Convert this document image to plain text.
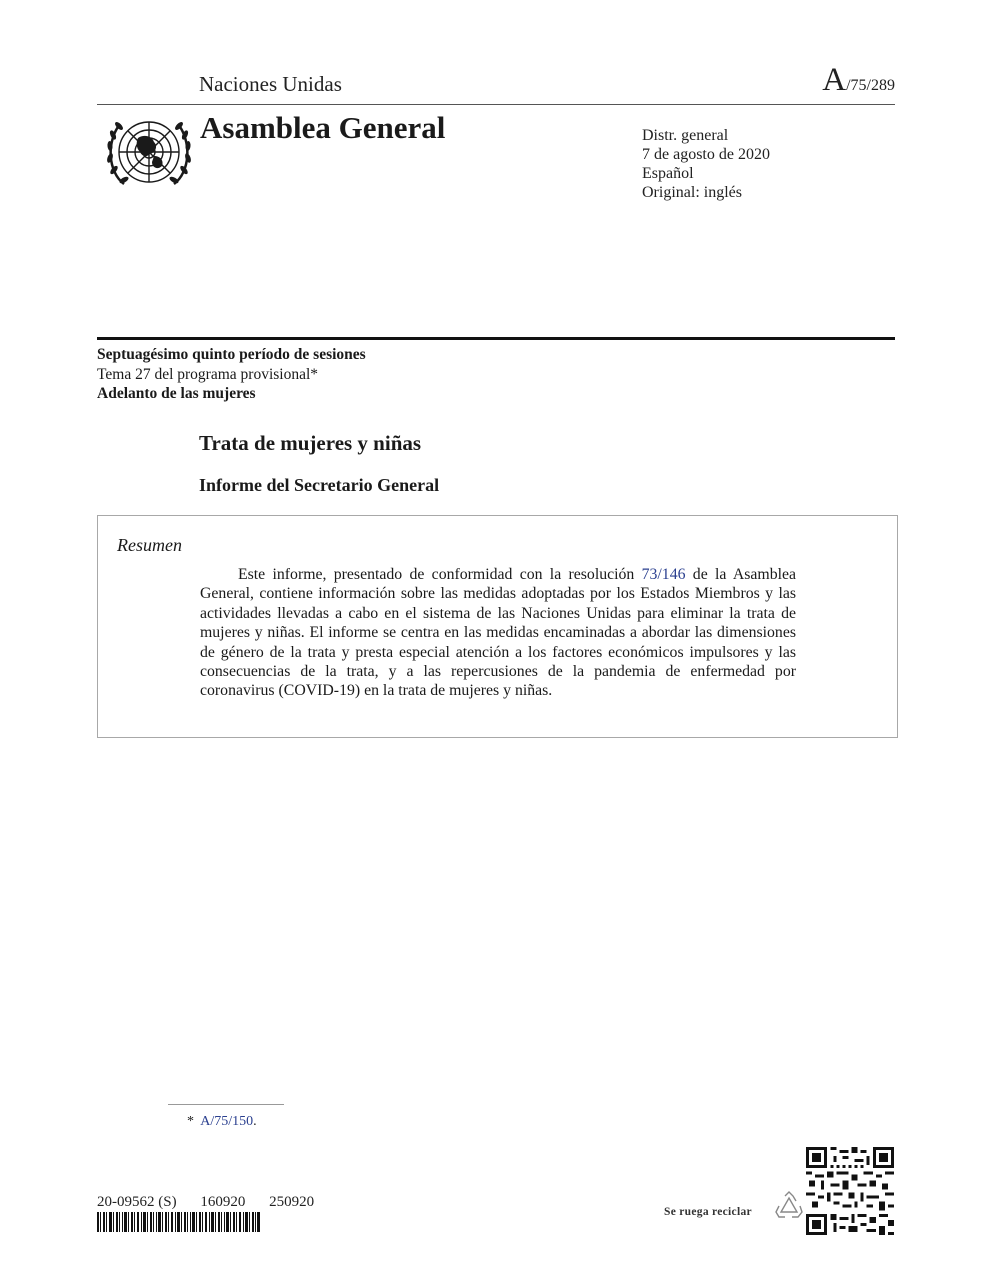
Naciones Unidas	A/75/289
Asamblea General	Distr. general
7 de agosto de 2020
Español
Original: inglés
Septuagésimo quinto período de sesiones
Tema 27 del programa provisional*
Adelanto de las mujeres
Trata de mujeres y niñas
Informe del Secretario General
Resumen

Este informe, presentado de conformidad con la resolución 73/146 de la Asamblea General, contiene información sobre las medidas adoptadas por los Estados Miembros y las actividades llevadas a cabo en el sistema de las Naciones Unidas para eliminar la trata de mujeres y niñas. El informe se centra en las medidas encaminadas a abordar las dimensiones de género de la trata y presta especial atención a los factores económicos impulsores y las consecuencias de la trata, y a las repercusiones de la pandemia de enfermedad por coronavirus (COVID-19) en la trata de mujeres y niñas.

* A/75/150.
20-09562 (S) 160920 250920
Se ruega reciclar
